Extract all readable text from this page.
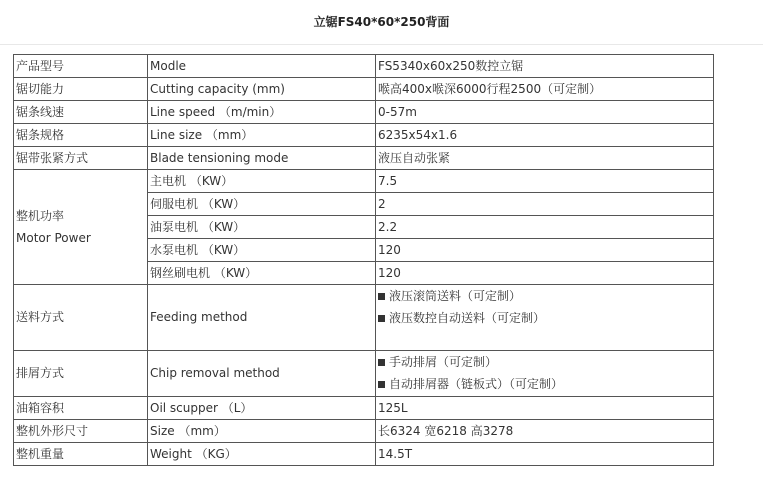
立锯FS40*60*250背面
产品型号	Modle	FS5340x60x250数控立锯
锯切能力	Cutting capacity (mm)	喉高400x喉深6000行程2500（可定制）
锯条线速	Line speed （m/min）	0-57m
锯条规格	Line size （mm）	6235x54x1.6
锯带张紧方式	Blade tensioning mode	液压自动张紧

整机功率
Motor Power	主电机 （KW）	7.5
	伺服电机 （KW）	2
	油泵电机 （KW）	2.2
	水泵电机 （KW）	120
	钢丝刷电机 （KW）	120
送料方式	Feeding method	液压滚筒送料（可定制）
液压数控自动送料（可定制）

排屑方式	Chip removal method	手动排屑（可定制）
自动排屑器（链板式）（可定制）

油箱容积	Oil scupper （L）	125L
整机外形尺寸	Size （mm）	长6324 宽6218 高3278
整机重量	Weight （KG）	14.5T
